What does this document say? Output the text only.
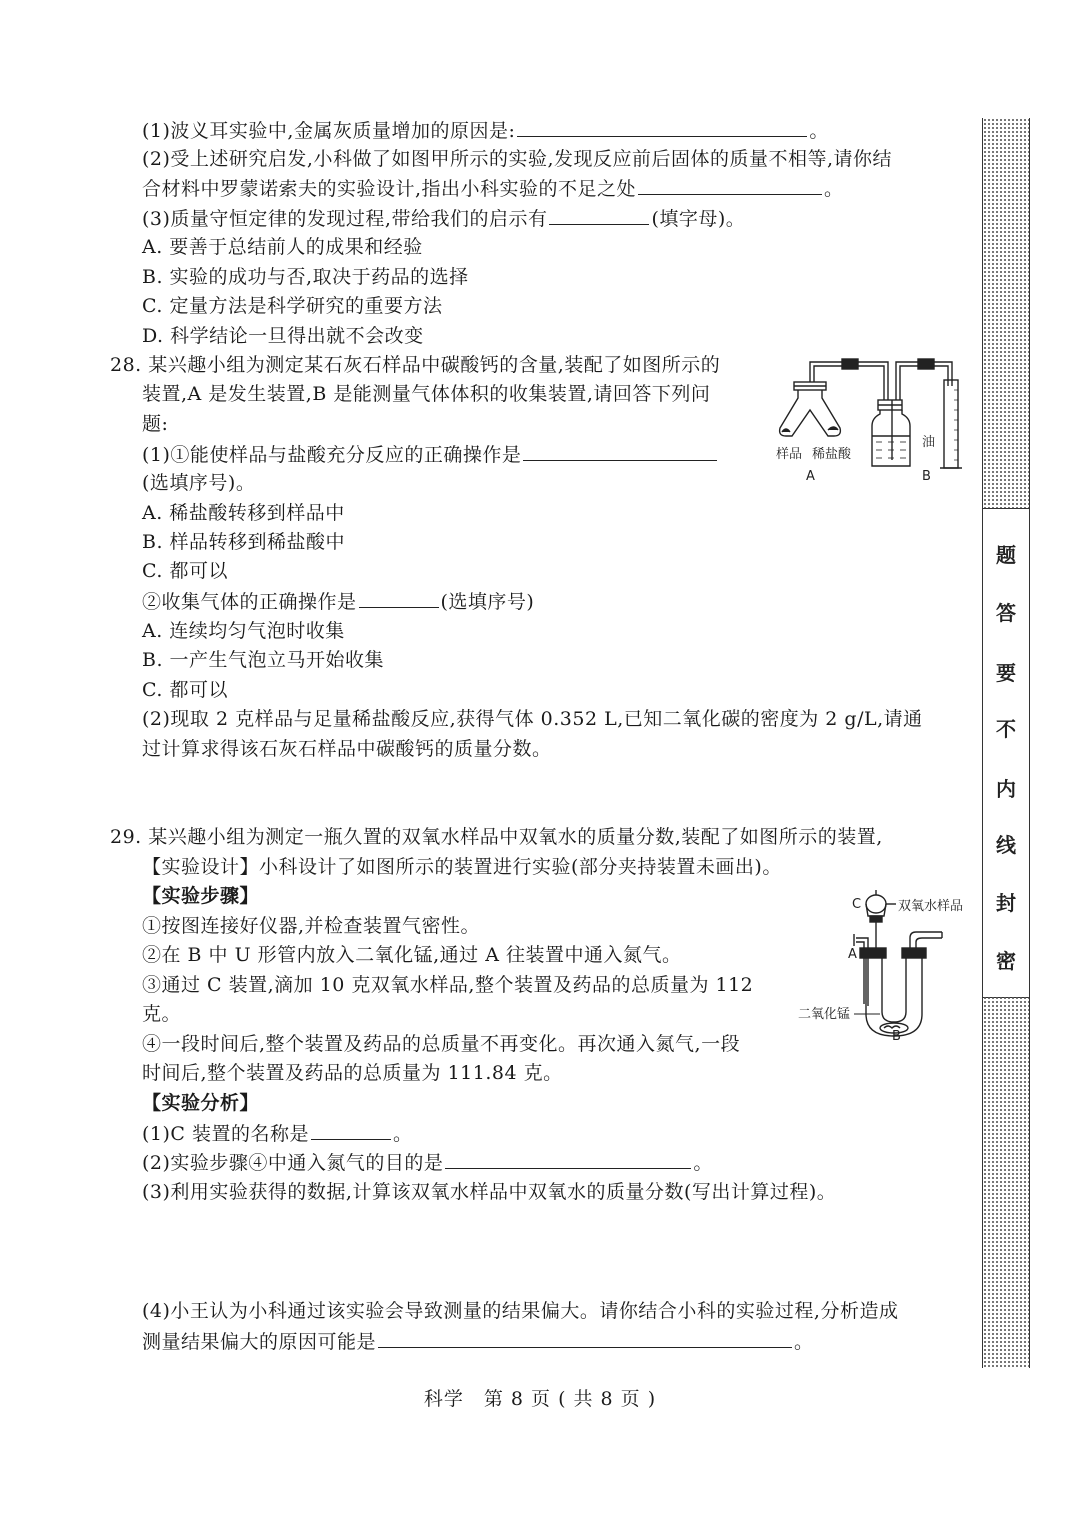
(1)波义耳实验中,金属灰质量增加的原因是:	。
(2)受上述研究启发,小科做了如图甲所示的实验,发现反应前后固体的质量不相等,请你结
合材料中罗蒙诺索夫的实验设计,指出小科实验的不足之处	。
(3)质量守恒定律的发现过程,带给我们的启示有	(填字母)。
A. 要善于总结前人的成果和经验
B. 实验的成功与否,取决于药品的选择
C. 定量方法是科学研究的重要方法
D. 科学结论一旦得出就不会改变
28. 某兴趣小组为测定某石灰石样品中碳酸钙的含量,装配了如图所示的
装置,A 是发生装置,B 是能测量气体体积的收集装置,请回答下列问
题:
(1)①能使样品与盐酸充分反应的正确操作是
(选填序号)。
A. 稀盐酸转移到样品中
B. 样品转移到稀盐酸中
C. 都可以
②收集气体的正确操作是	(选填序号)
A. 连续均匀气泡时收集
B. 一产生气泡立马开始收集
C. 都可以
(2)现取 2 克样品与足量稀盐酸反应,获得气体 0.352 L,已知二氧化碳的密度为 2 g/L,请通
过计算求得该石灰石样品中碳酸钙的质量分数。
样品 稀盐酸
油
A	B
29. 某兴趣小组为测定一瓶久置的双氧水样品中双氧水的质量分数,装配了如图所示的装置,
【实验设计】小科设计了如图所示的装置进行实验(部分夹持装置未画出)。
【实验步骤】
①按图连接好仪器,并检查装置气密性。
②在 B 中 U 形管内放入二氧化锰,通过 A 往装置中通入氮气。
③通过 C 装置,滴加 10 克双氧水样品,整个装置及药品的总质量为 112
克。
④一段时间后,整个装置及药品的总质量不再变化。再次通入氮气,一段
时间后,整个装置及药品的总质量为 111.84 克。
【实验分析】
(1)C 装置的名称是	。
(2)实验步骤④中通入氮气的目的是	。
(3)利用实验获得的数据,计算该双氧水样品中双氧水的质量分数(写出计算过程)。
(4)小王认为小科通过该实验会导致测量的结果偏大。请你结合小科的实验过程,分析造成
测量结果偏大的原因可能是	。
C	双氧水样品
A
二氧化锰
B
题
答
要
不
内
线
封
密
科学　第 8 页 ( 共 8 页 )
